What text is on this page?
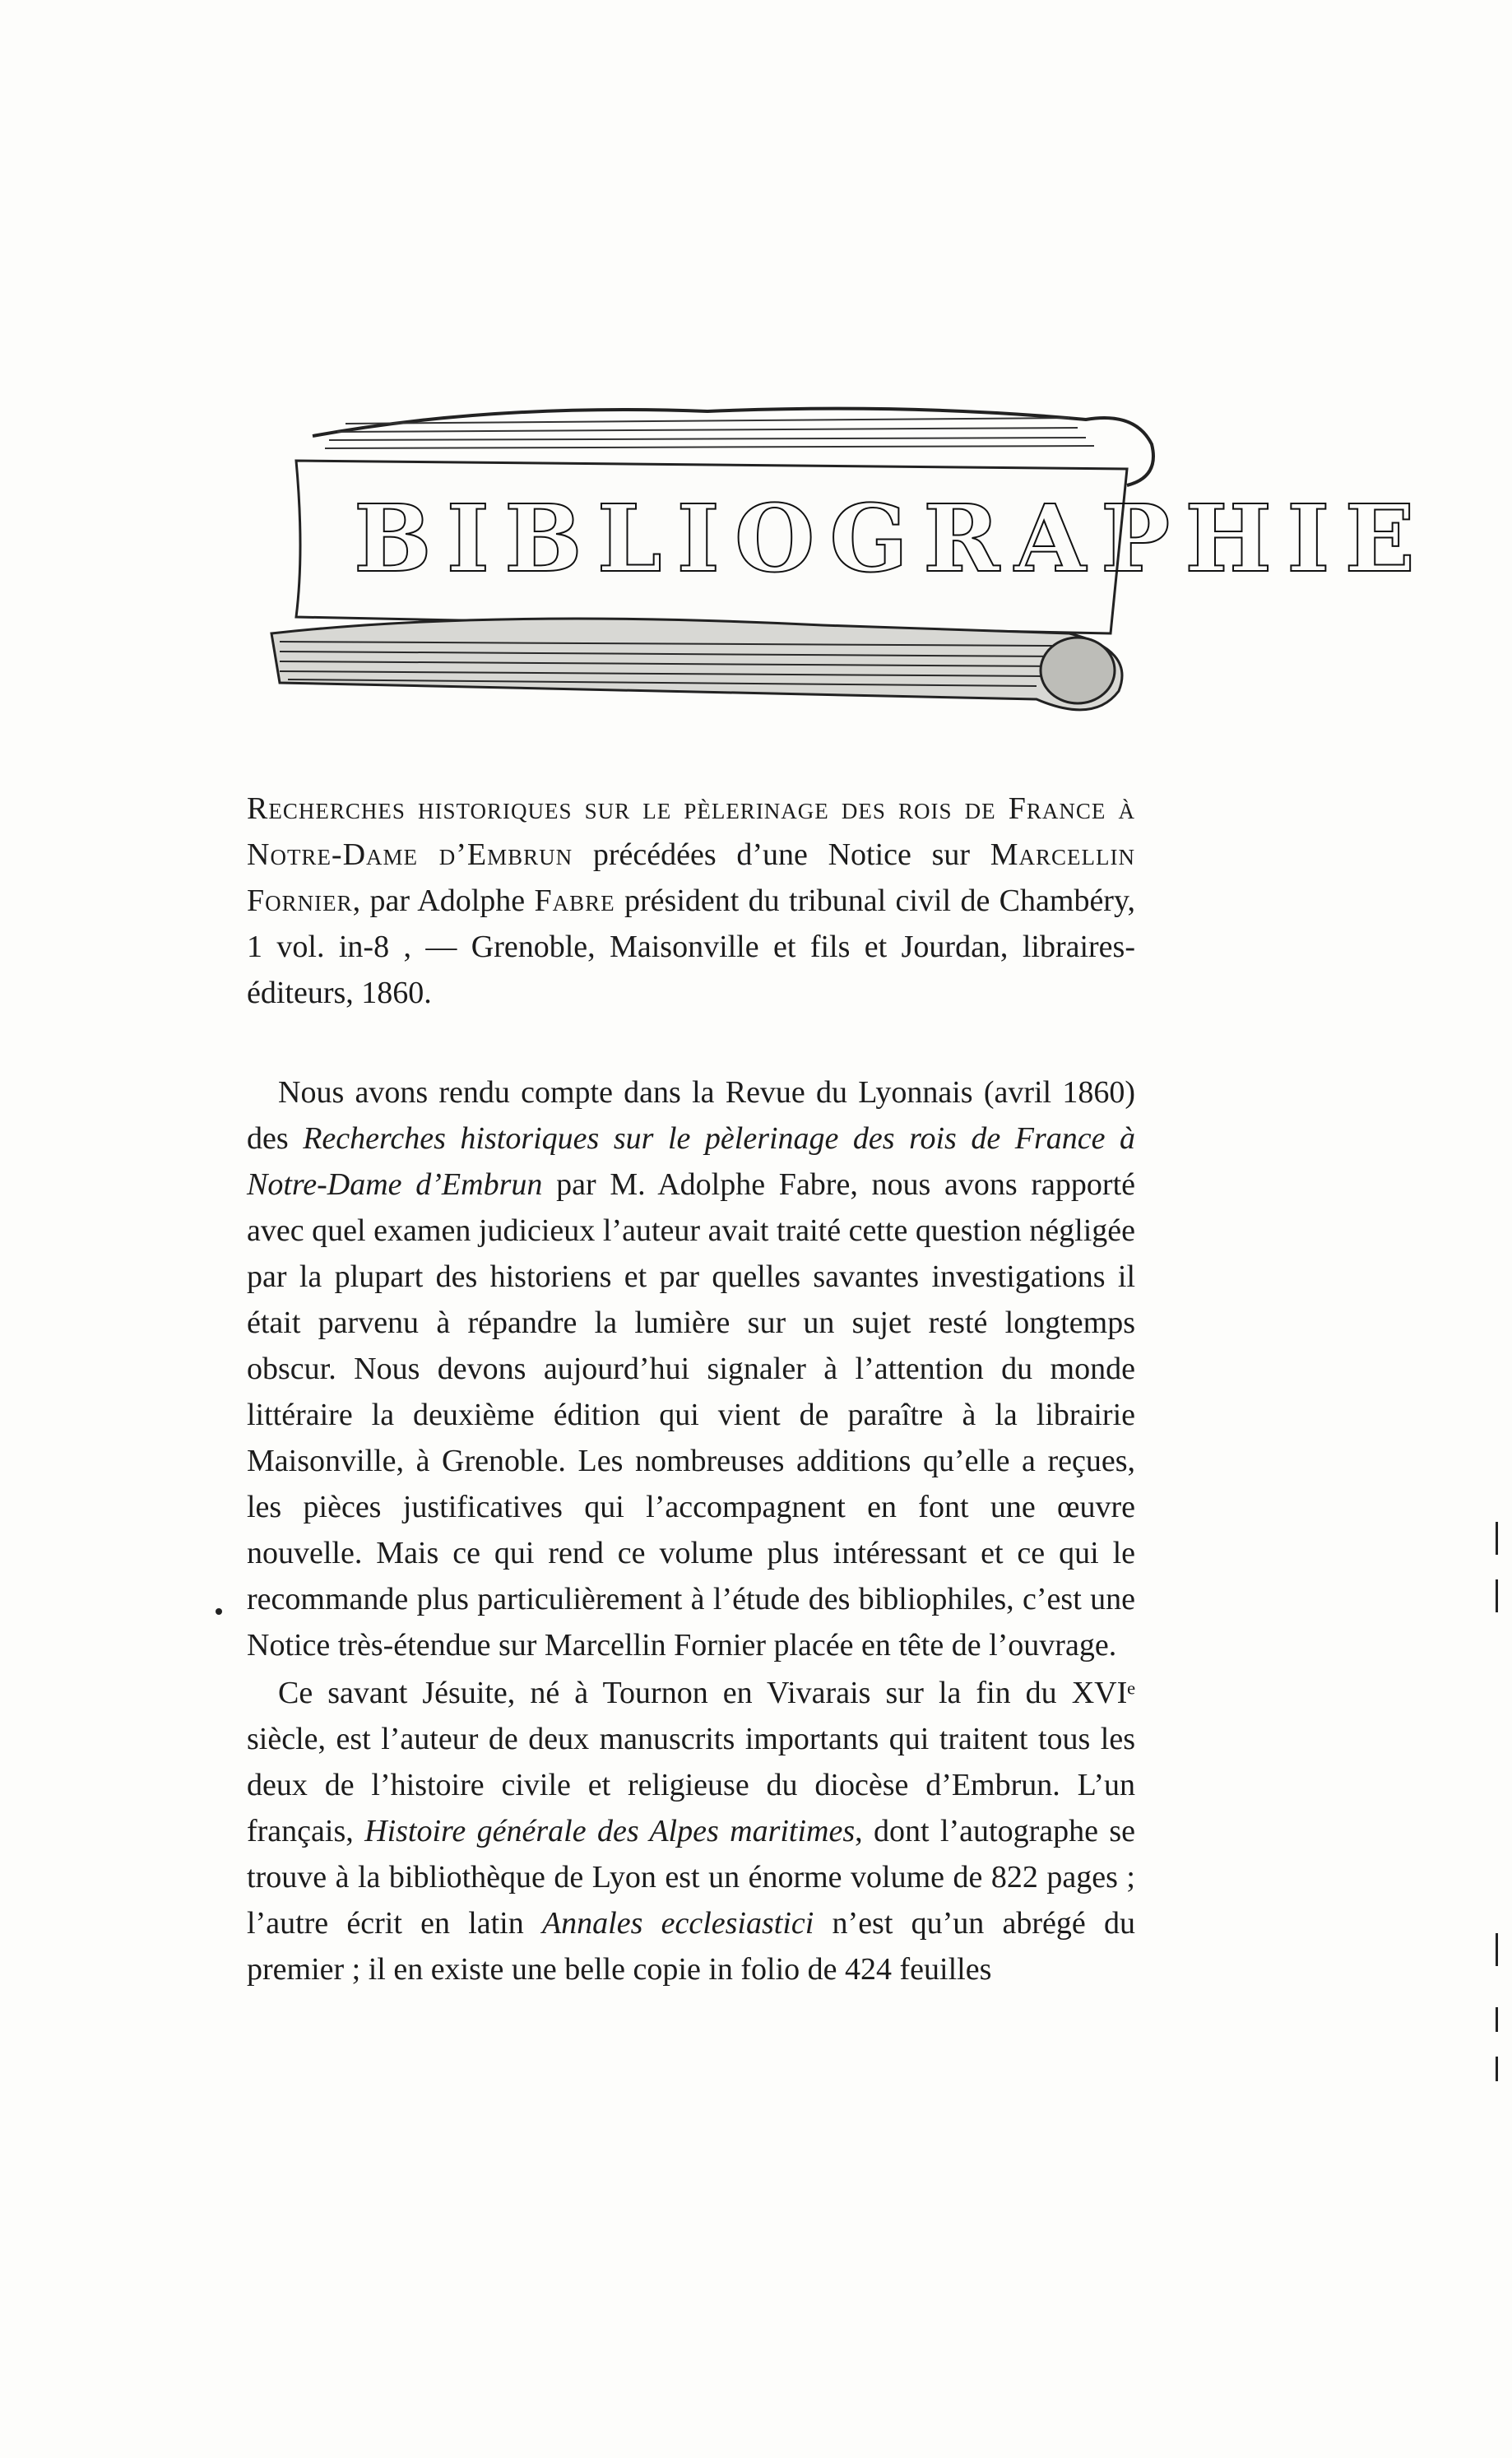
BIBLIOGRAPHIE
Recherches historiques sur le pèlerinage des rois de France à Notre-Dame d’Embrun précédées d’une Notice sur Marcellin Fornier, par Adolphe Fabre président du tribunal civil de Chambéry, 1 vol. in-8 , — Grenoble, Maisonville et fils et Jourdan, libraires-éditeurs, 1860.

Nous avons rendu compte dans la Revue du Lyonnais (avril 1860) des Recherches historiques sur le pèlerinage des rois de France à Notre-Dame d’Embrun par M. Adolphe Fabre, nous avons rapporté avec quel examen judicieux l’auteur avait traité cette question négligée par la plupart des historiens et par quelles savantes investigations il était parvenu à répandre la lumière sur un sujet resté longtemps obscur. Nous devons aujourd’hui signaler à l’attention du monde littéraire la deuxième édition qui vient de paraître à la librairie Maisonville, à Grenoble. Les nombreuses additions qu’elle a reçues, les pièces justificatives qui l’accompagnent en font une œuvre nouvelle. Mais ce qui rend ce volume plus intéressant et ce qui le recommande plus particulièrement à l’étude des bibliophiles, c’est une Notice très-étendue sur Marcellin Fornier placée en tête de l’ouvrage.

Ce savant Jésuite, né à Tournon en Vivarais sur la fin du XVIᵉ siècle, est l’auteur de deux manuscrits importants qui traitent tous les deux de l’histoire civile et religieuse du diocèse d’Embrun. L’un français, Histoire générale des Alpes maritimes, dont l’autographe se trouve à la bibliothèque de Lyon est un énorme volume de 822 pages ; l’autre écrit en latin Annales ecclesiastici n’est qu’un abrégé du premier ; il en existe une belle copie in folio de 424 feuilles
